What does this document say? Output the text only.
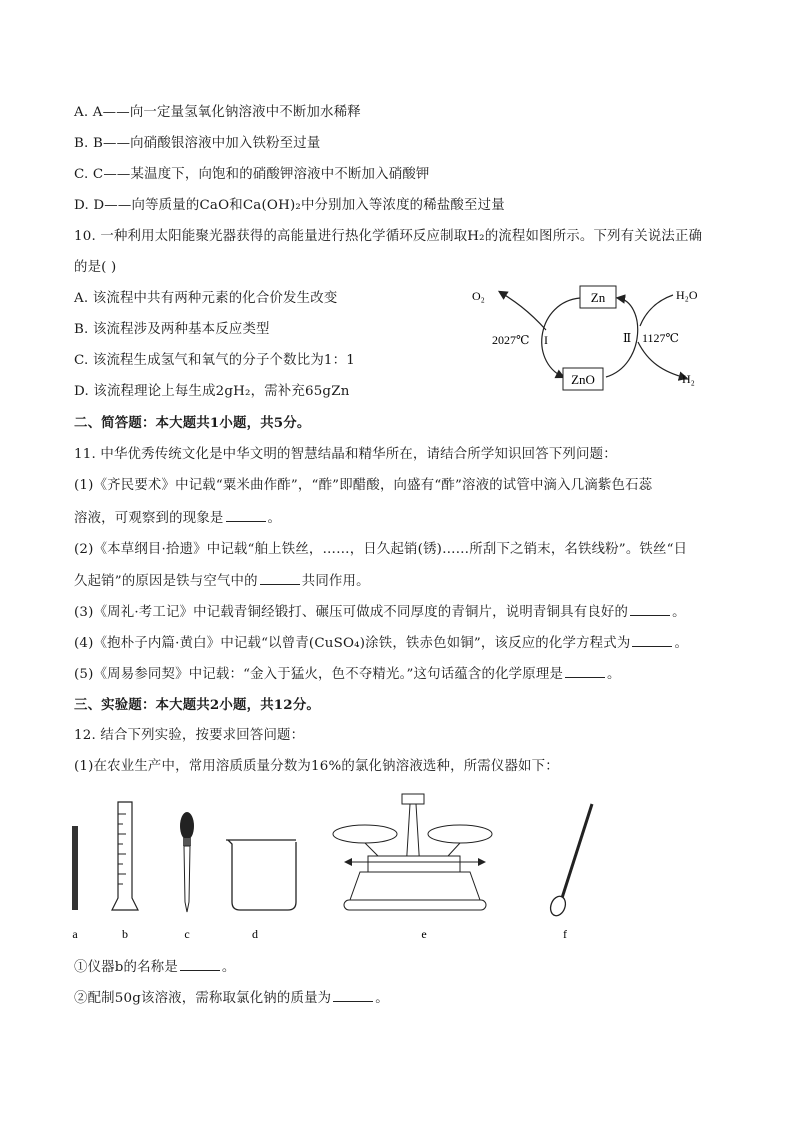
A. A——向一定量氢氧化钠溶液中不断加水稀释
B. B——向硝酸银溶液中加入铁粉至过量
C. C——某温度下，向饱和的硝酸钾溶液中不断加入硝酸钾
D. D——向等质量的CaO和Ca(OH)₂中分别加入等浓度的稀盐酸至过量
10. 一种利用太阳能聚光器获得的高能量进行热化学循环反应制取H₂的流程如图所示。下列有关说法正确
的是( )
A. 该流程中共有两种元素的化合价发生改变
B. 该流程涉及两种基本反应类型
C. 该流程生成氢气和氧气的分子个数比为1：1
D. 该流程理论上每生成2gH₂，需补充65gZn
Zn
ZnO
O₂	H₂O
H₂
2027℃	1127℃
I	Ⅱ
二、简答题：本大题共1小题，共5分。
11. 中华优秀传统文化是中华文明的智慧结晶和精华所在，请结合所学知识回答下列问题：
(1)《齐民要术》中记载“粟米曲作酢”，“酢”即醋酸，向盛有“酢”溶液的试管中滴入几滴紫色石蕊
溶液，可观察到的现象是	。
(2)《本草纲目·拾遗》中记载“舶上铁丝，……，日久起销(锈)……所刮下之销末，名铁线粉”。铁丝“日
久起销”的原因是铁与空气中的	共同作用。
(3)《周礼·考工记》中记载青铜经锻打、碾压可做成不同厚度的青铜片，说明青铜具有良好的	。
(4)《抱朴子内篇·黄白》中记载“以曾青(CuSO₄)涂铁，铁赤色如铜”，该反应的化学方程式为	。
(5)《周易参同契》中记载：“金入于猛火，色不夺精光。”这句话蕴含的化学原理是	。
三、实验题：本大题共2小题，共12分。
12. 结合下列实验，按要求回答问题：
(1)在农业生产中，常用溶质质量分数为16%的氯化钠溶液选种，所需仪器如下：
a	b	c	d	e	f
①仪器b的名称是	。
②配制50g该溶液，需称取氯化钠的质量为	。
